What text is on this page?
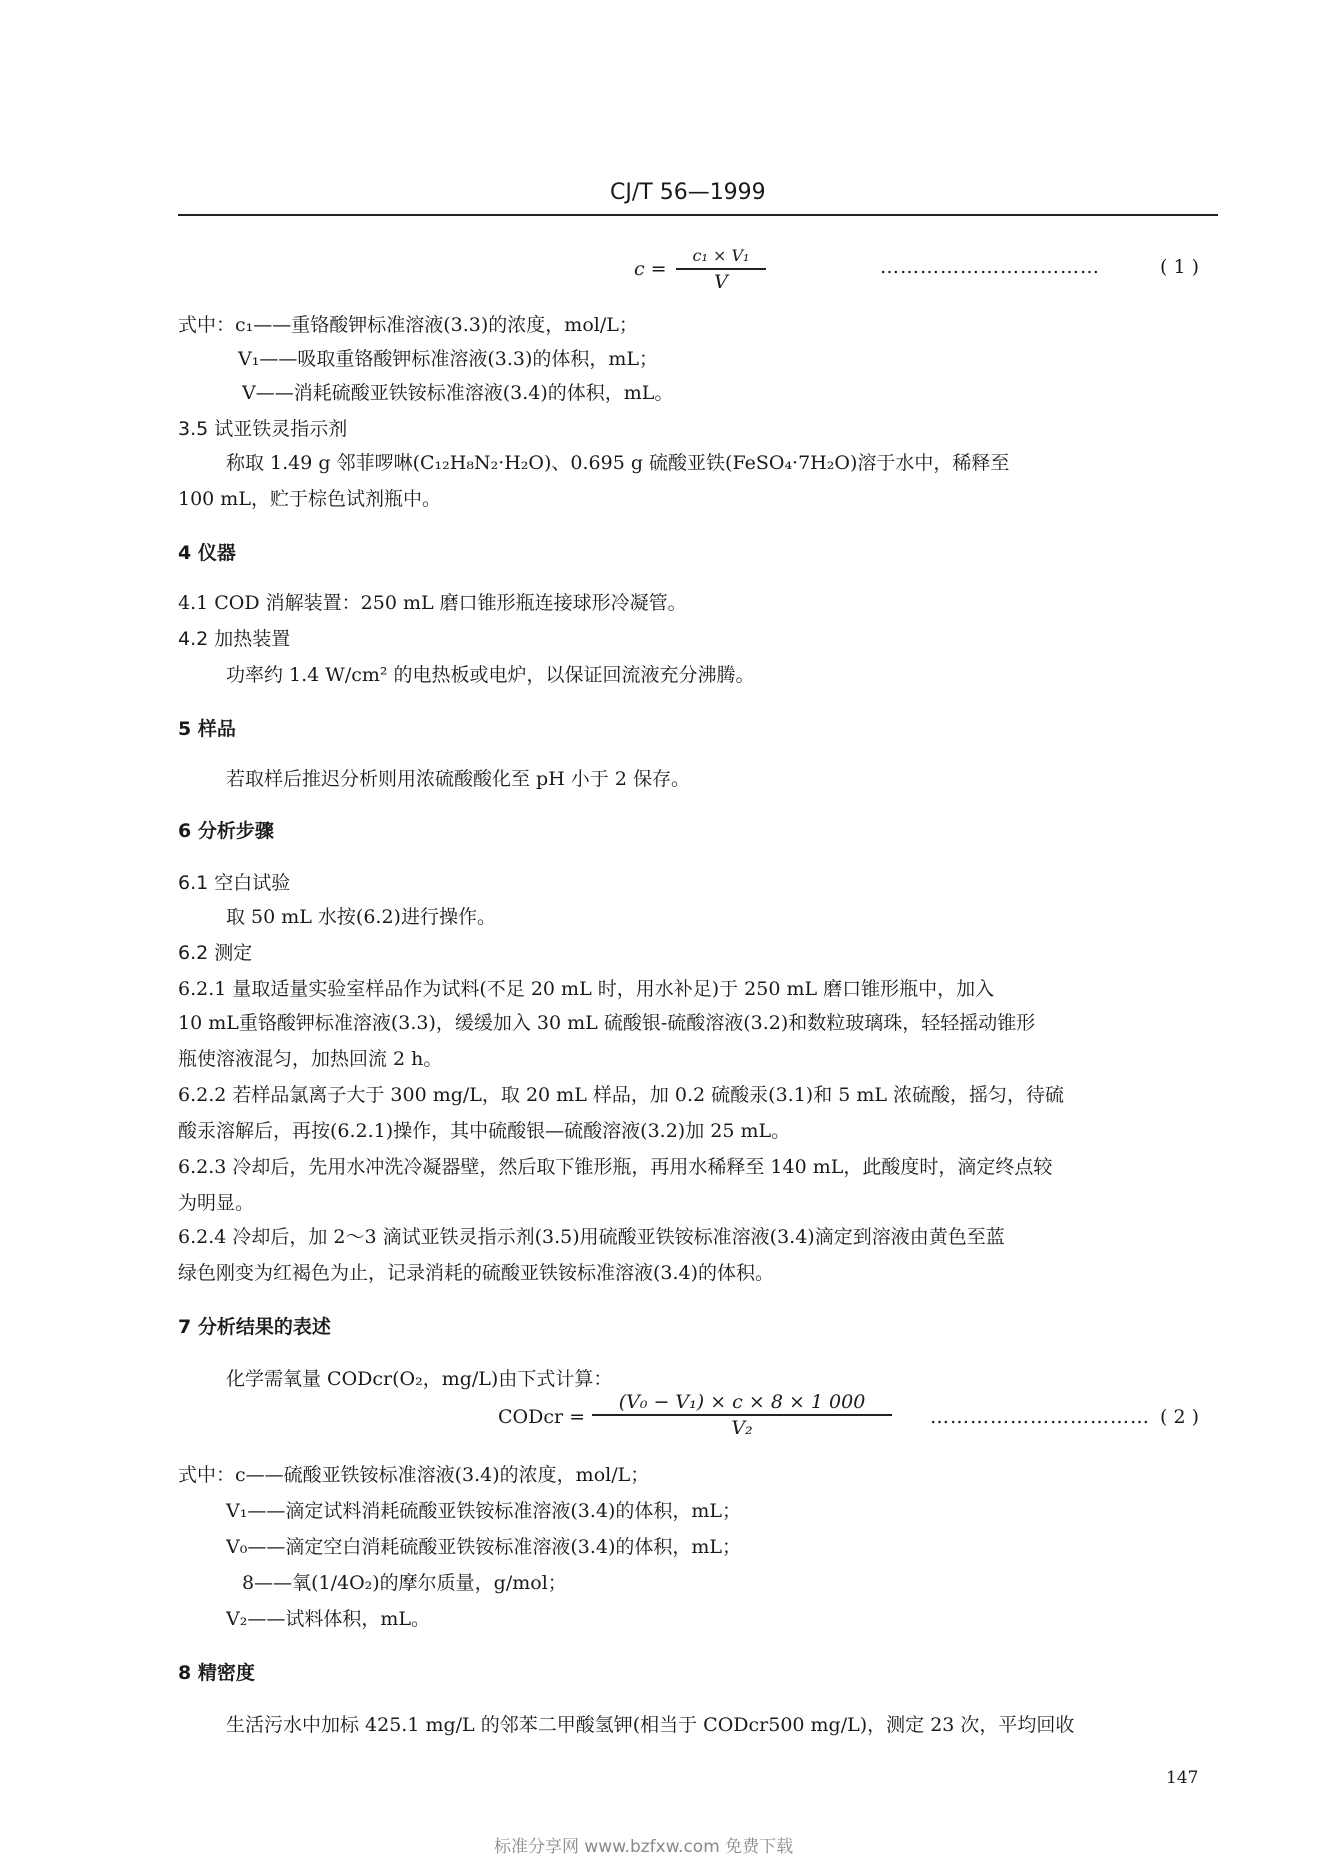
CJ/T 56—1999
c =
c₁ × V₁
V
……………………………	( 1 )
式中：c₁——重铬酸钾标准溶液(3.3)的浓度，mol/L；
V₁——吸取重铬酸钾标准溶液(3.3)的体积，mL；
V——消耗硫酸亚铁铵标准溶液(3.4)的体积，mL。
3.5 试亚铁灵指示剂
称取 1.49 g 邻菲啰啉(C₁₂H₈N₂·H₂O)、0.695 g 硫酸亚铁(FeSO₄·7H₂O)溶于水中，稀释至
100 mL，贮于棕色试剂瓶中。
4 仪器
4.1 COD 消解装置：250 mL 磨口锥形瓶连接球形冷凝管。
4.2 加热装置
功率约 1.4 W/cm² 的电热板或电炉，以保证回流液充分沸腾。
5 样品
若取样后推迟分析则用浓硫酸酸化至 pH 小于 2 保存。
6 分析步骤
6.1 空白试验
取 50 mL 水按(6.2)进行操作。
6.2 测定
6.2.1 量取适量实验室样品作为试料(不足 20 mL 时，用水补足)于 250 mL 磨口锥形瓶中，加入
10 mL重铬酸钾标准溶液(3.3)，缓缓加入 30 mL 硫酸银-硫酸溶液(3.2)和数粒玻璃珠，轻轻摇动锥形
瓶使溶液混匀，加热回流 2 h。
6.2.2 若样品氯离子大于 300 mg/L，取 20 mL 样品，加 0.2 硫酸汞(3.1)和 5 mL 浓硫酸，摇匀，待硫
酸汞溶解后，再按(6.2.1)操作，其中硫酸银—硫酸溶液(3.2)加 25 mL。
6.2.3 冷却后，先用水冲洗冷凝器壁，然后取下锥形瓶，再用水稀释至 140 mL，此酸度时，滴定终点较
为明显。
6.2.4 冷却后，加 2～3 滴试亚铁灵指示剂(3.5)用硫酸亚铁铵标准溶液(3.4)滴定到溶液由黄色至蓝
绿色刚变为红褐色为止，记录消耗的硫酸亚铁铵标准溶液(3.4)的体积。
7 分析结果的表述
化学需氧量 CODcr(O₂，mg/L)由下式计算：
CODcr =
(V₀ − V₁) × c × 8 × 1 000
V₂	…………………………… ( 2 )
式中：c——硫酸亚铁铵标准溶液(3.4)的浓度，mol/L；
V₁——滴定试料消耗硫酸亚铁铵标准溶液(3.4)的体积，mL；
V₀——滴定空白消耗硫酸亚铁铵标准溶液(3.4)的体积，mL；
8——氧(1/4O₂)的摩尔质量，g/mol；
V₂——试料体积，mL。
8 精密度
生活污水中加标 425.1 mg/L 的邻苯二甲酸氢钾(相当于 CODcr500 mg/L)，测定 23 次，平均回收
147
标准分享网 www.bzfxw.com 免费下载
